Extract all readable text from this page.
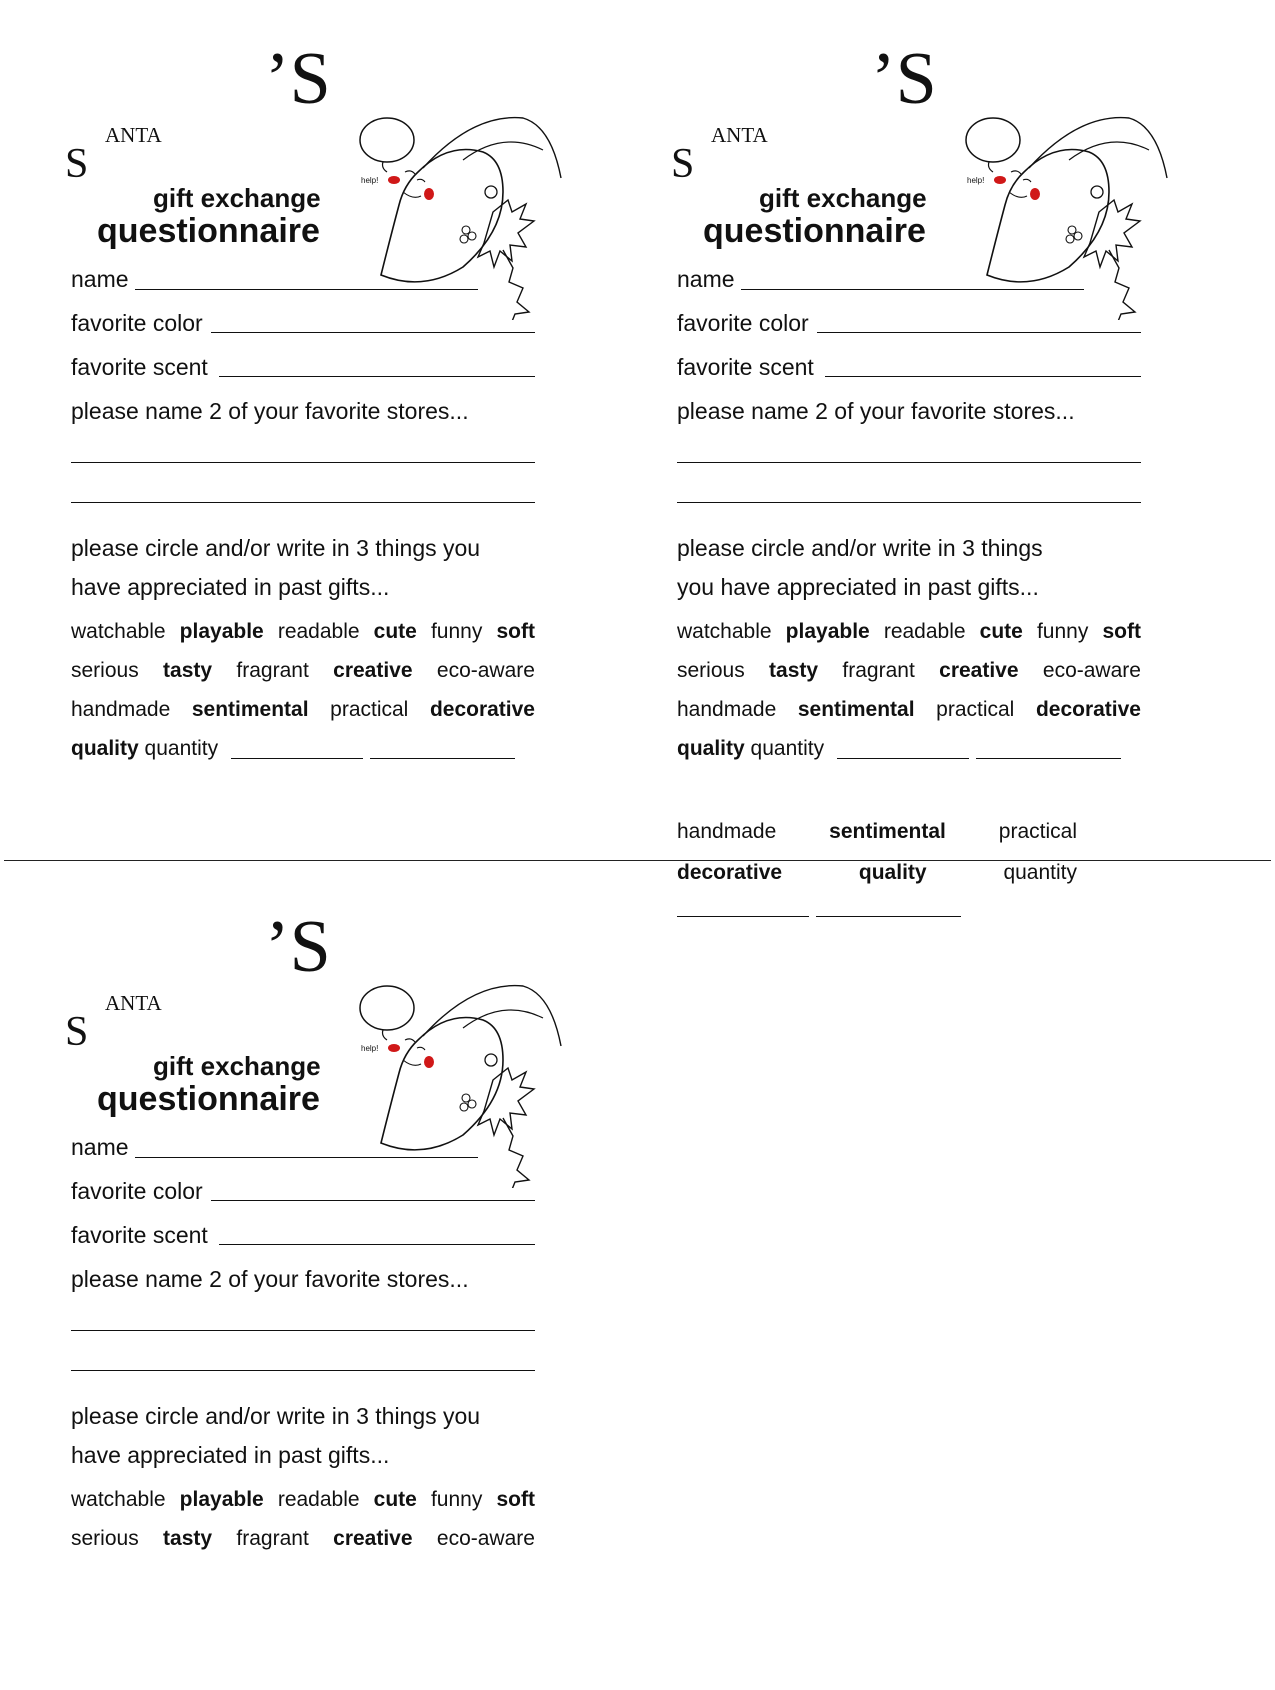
’S
ANTA
S
gift exchange
questionnaire
help!
name
favorite color
favorite scent
please name 2 of your favorite stores...
please circle and/or write in 3 things you
have appreciated in past gifts...
watchable playable readable cute funny soft
serious tasty fragrant creative eco-aware
handmade sentimental practical decorative
quality quantity
’S
ANTA
S
gift exchange
questionnaire
help!
name
favorite color
favorite scent
please name 2 of your favorite stores...
please circle and/or write in 3 things
you have appreciated in past gifts...
watchable playable readable cute funny soft
serious tasty fragrant creative eco-aware
handmade sentimental practical decorative
quality quantity
handmade	sentimental	practical
decorative	quality	quantity
’S
ANTA
S
gift exchange
questionnaire
help!
name
favorite color
favorite scent
please name 2 of your favorite stores...
please circle and/or write in 3 things you
have appreciated in past gifts...
watchable playable readable cute funny soft
serious tasty fragrant creative eco-aware
